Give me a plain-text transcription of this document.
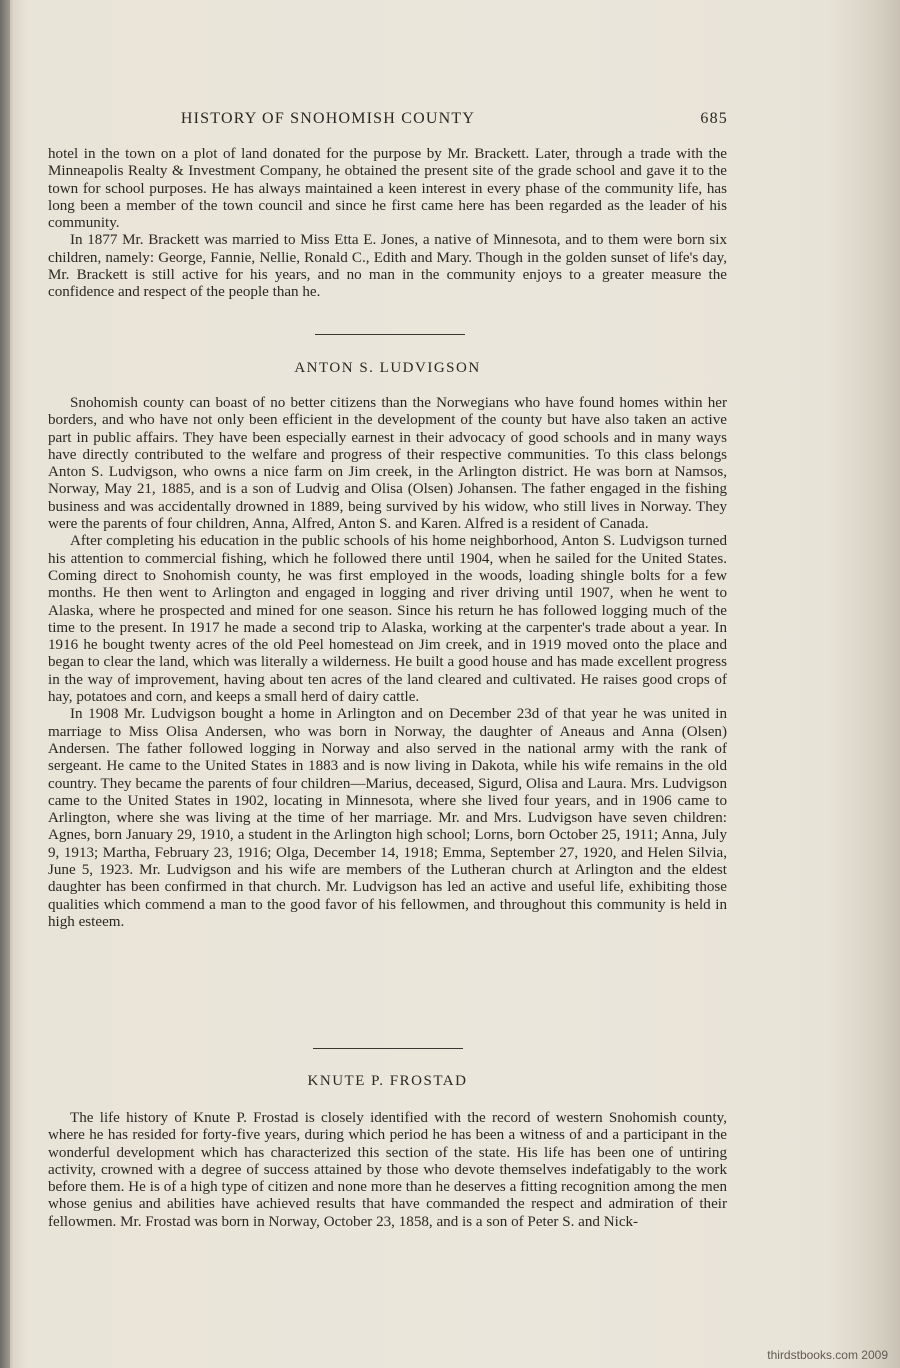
HISTORY OF SNOHOMISH COUNTY	685

hotel in the town on a plot of land donated for the purpose by Mr. Brackett. Later, through a trade with the Minneapolis Realty & Investment Company, he obtained the present site of the grade school and gave it to the town for school purposes. He has always maintained a keen interest in every phase of the community life, has long been a member of the town council and since he first came here has been regarded as the leader of his community.

In 1877 Mr. Brackett was married to Miss Etta E. Jones, a native of Minnesota, and to them were born six children, namely: George, Fannie, Nellie, Ronald C., Edith and Mary. Though in the golden sunset of life's day, Mr. Brackett is still active for his years, and no man in the community enjoys to a greater measure the confidence and respect of the people than he.

ANTON S. LUDVIGSON

Snohomish county can boast of no better citizens than the Norwegians who have found homes within her borders, and who have not only been efficient in the development of the county but have also taken an active part in public affairs. They have been especially earnest in their advocacy of good schools and in many ways have directly contributed to the welfare and progress of their respective communities. To this class belongs Anton S. Ludvigson, who owns a nice farm on Jim creek, in the Arlington district. He was born at Namsos, Norway, May 21, 1885, and is a son of Ludvig and Olisa (Olsen) Johansen. The father engaged in the fishing business and was accidentally drowned in 1889, being survived by his widow, who still lives in Norway. They were the parents of four children, Anna, Alfred, Anton S. and Karen. Alfred is a resident of Canada.

After completing his education in the public schools of his home neighborhood, Anton S. Ludvigson turned his attention to commercial fishing, which he followed there until 1904, when he sailed for the United States. Coming direct to Snohomish county, he was first employed in the woods, loading shingle bolts for a few months. He then went to Arlington and engaged in logging and river driving until 1907, when he went to Alaska, where he prospected and mined for one season. Since his return he has followed logging much of the time to the present. In 1917 he made a second trip to Alaska, working at the carpenter's trade about a year. In 1916 he bought twenty acres of the old Peel homestead on Jim creek, and in 1919 moved onto the place and began to clear the land, which was literally a wilderness. He built a good house and has made excellent progress in the way of improvement, having about ten acres of the land cleared and cultivated. He raises good crops of hay, potatoes and corn, and keeps a small herd of dairy cattle.

In 1908 Mr. Ludvigson bought a home in Arlington and on December 23d of that year he was united in marriage to Miss Olisa Andersen, who was born in Norway, the daughter of Aneaus and Anna (Olsen) Andersen. The father followed logging in Norway and also served in the national army with the rank of sergeant. He came to the United States in 1883 and is now living in Dakota, while his wife remains in the old country. They became the parents of four children—Marius, deceased, Sigurd, Olisa and Laura. Mrs. Ludvigson came to the United States in 1902, locating in Minnesota, where she lived four years, and in 1906 came to Arlington, where she was living at the time of her marriage. Mr. and Mrs. Ludvigson have seven children: Agnes, born January 29, 1910, a student in the Arlington high school; Lorns, born October 25, 1911; Anna, July 9, 1913; Martha, February 23, 1916; Olga, December 14, 1918; Emma, September 27, 1920, and Helen Silvia, June 5, 1923. Mr. Ludvigson and his wife are members of the Lutheran church at Arlington and the eldest daughter has been confirmed in that church. Mr. Ludvigson has led an active and useful life, exhibiting those qualities which commend a man to the good favor of his fellowmen, and throughout this community is held in high esteem.

KNUTE P. FROSTAD

The life history of Knute P. Frostad is closely identified with the record of western Snohomish county, where he has resided for forty-five years, during which period he has been a witness of and a participant in the wonderful development which has characterized this section of the state. His life has been one of untiring activity, crowned with a degree of success attained by those who devote themselves indefatigably to the work before them. He is of a high type of citizen and none more than he deserves a fitting recognition among the men whose genius and abilities have achieved results that have commanded the respect and admiration of their fellowmen. Mr. Frostad was born in Norway, October 23, 1858, and is a son of Peter S. and Nick-

thirdstbooks.com 2009
